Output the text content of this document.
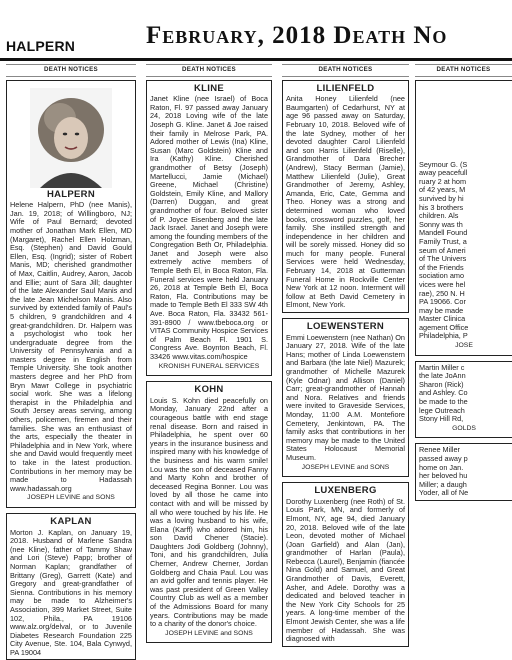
HALPERN	February, 2018 Death No
DEATH NOTICES
HALPERN

Helene Halpern, PhD (nee Manis), Jan. 19, 2018; of Willingboro, NJ; Wife of Paul Bernard; devoted mother of Jonathan Mark Ellen, MD (Margaret), Rachel Ellen Holzman, Esq. (Stephen) and David Gould Ellen, Esq. (Ingrid); sister of Robert Manis, MD; cherished grandmother of Max, Caitlin, Audrey, Aaron, Jacob and Ellie; aunt of Sara Jill; daughter of the late Alexander Saul Manis and the late Jean Michelson Manis. Also survived by extended family of Paul's 5 children, 9 grandchildren and 4 great-grandchildren. Dr. Halpern was a psychologist who took her undergraduate degree from the University of Pennsylvania and a masters degree in English from Temple University. She took another masters degree and her PhD from Bryn Mawr College in psychiatric social work. She was a lifelong therapist in the Philadelphia and South Jersey areas serving, among others, policemen, firemen and their families. She was an enthusiast of the arts, especially the theater in Philadelphia and in New York, where she and David would frequently meet to take in the latest production. Contributions in her memory may be made to Hadassah www.hadassah.org

JOSEPH LEVINE and SONS
KAPLAN

Morton J. Kaplan, on January 19, 2018. Husband of Marlene Sandra (nee Kline), father of Tammy Shaw and Lori (Steve) Papp; brother of Norman Kaplan; grandfather of Brittany (Greg), Garrett (Kate) and Gregory and great-grandfather of Sienna. Contributions in his memory may be made to Alzheimer's Association, 399 Market Street, Suite 102, Phila., PA 19106 www.alz.org/delval, or to Juvenile Diabetes Research Foundation 225 City Avenue, Ste. 104, Bala Cynwyd, PA 19004

DEATH NOTICES
KLINE

Janet Kline (nee Israel) of Boca Raton, Fl. 97 passed away January 24, 2018 Loving wife of the late Joseph G. Kline. Janet & Joe raised their family in Melrose Park, PA. Adored mother of Lewis (Ina) Kline, Susan (Marc Goldstein) Kline and Ira (Kathy) Kline. Cherished grandmother of Betsy (Joseph) Martellucci, Jamie (Michael) Greene, Michael (Christine) Goldstein, Emily Kline, and Mallory (Darren) Duggan, and great grandmother of four. Beloved sister of P. Joyce Eisenberg and the late Jack Israel. Janet and Joseph were among the founding members of the Congregation Beth Or, Philadelphia. Janet and Joseph were also extremely active members of Temple Beth El, in Boca Raton, Fla. Funeral services were held January 26, 2018 at Temple Beth El, Boca Raton, Fla. Contributions may be made to Temple Beth El 333 SW 4th Ave. Boca Raton, Fla. 33432 561-391-8900 / www.tbeboca.org or VITAS Community Hospice Services of Palm Beach Fl. 1901 S. Congress Ave. Boynton Beach, Fl. 33426 www.vitas.com/hospice

KRONISH FUNERAL SERVICES
KOHN

Louis S. Kohn died peacefully on Monday, January 22nd after a courageous battle with end stage renal disease. Born and raised in Philadelphia, he spent over 60 years in the insurance business and inspired many with his knowledge of the business and his warm smile! Lou was the son of deceased Fanny and Marty Kohn and brother of deceased Regina Bonner. Lou was loved by all those he came into contact with and will be missed by all who were touched by his life. He was a loving husband to his wife, Elana (Karff) who adored him, his son David Chener (Stacie). Daughters Jodi Goldberg (Johnny), Toni, and his grandchildren, Julia Cherner, Andrew Cherner, Jordan Goldberg and Chaia Paul. Lou was an avid golfer and tennis player. He was past president of Green Valley Country Club as well as a member of the Admissions Board for many years. Contributions may be made to a charity of the donor's choice.

JOSEPH LEVINE and SONS
DEATH NOTICES
LILIENFELD

Anita Honey Lilienfeld (nee Baumgarten) of Cedarhurst, NY at age 96 passed away on Saturday, February 10, 2018. Beloved wife of the late Sydney, mother of her devoted daughter Carol Lilienfeld and son Harris Lilienfeld (Riselle), Grandmother of Dara Brecher (Andrew), Stacy Berman (Jamie), Matthew Lilienfeld (Julie), Great Grandmother of Jeremy, Ashley, Amanda, Eric, Cate, Gemma and Theo. Honey was a strong and determined woman who loved books, crossword puzzles, golf, her family. She instilled strength and independence in her children and will be sorely missed. Honey did so much for many people. Funeral Services were held Wednesday, February 14, 2018 at Gutterman Funeral Home in Rockville Center New York at 12 noon. Interment will follow at Beth David Cemetery in Elmont, New York.

LOEWENSTERN

Emmi Loewenstern (nee Nathan) On January 27, 2018. Wife of the late Hans; mother of Linda Loewenstern and Barbara (the late Niel) Mazurek; grandmother of Michelle Mazurek (Kyle Odnar) and Allison (Daniel) Carr; great-grandmother of Hannah and Nora. Relatives and friends were invited to Graveside Services, Monday, 11:00 A.M. Montefiore Cemetery, Jenkintown, PA. The family asks that contributions in her memory may be made to the United States Holocaust Memorial Museum.

JOSEPH LEVINE and SONS
LUXENBERG

Dorothy Luxenberg (nee Roth) of St. Louis Park, MN, and formerly of Elmont, NY, age 94, died January 20, 2018. Beloved wife of the late Leon, devoted mother of Michael (Joan Garfield) and Alan (Jan), grandmother of Harlan (Paula), Rebecca (Laurel), Benjamin (fiancée Nina Gold) and Samuel, and Great Grandmother of Davis, Everett, Asher, and Adele. Dorothy was a dedicated and beloved teacher in the New York City Schools for 25 years. A long-time member of the Elmont Jewish Center, she was a life member of Hadassah. She was diagnosed with

DEATH NOTICES
Seymour G. (S
away peacefull
ruary 2 at hom
of 42 years, M
survived by hi
his 3 brothers
children. Als
Sonny was th
Mandell Found
Family Trust, a
seum of Ameri
of The Univers
of the Friends
sociation amo
vices were hel
rae), 250 N. H
PA 19066. Cor
may be made
Master Clinica
agement Office
Philadelphia, P
JOSE
Martin Miller c
the late JoAnn
Sharon (Rick)
and Ashley. Co
be made to the
lege Outreach
Stony Hill Rd,
GOLDS
Renee Miller
passed away p
home on Jan.
her beloved hu
Miller; a daugh
Yoder, all of Ne
